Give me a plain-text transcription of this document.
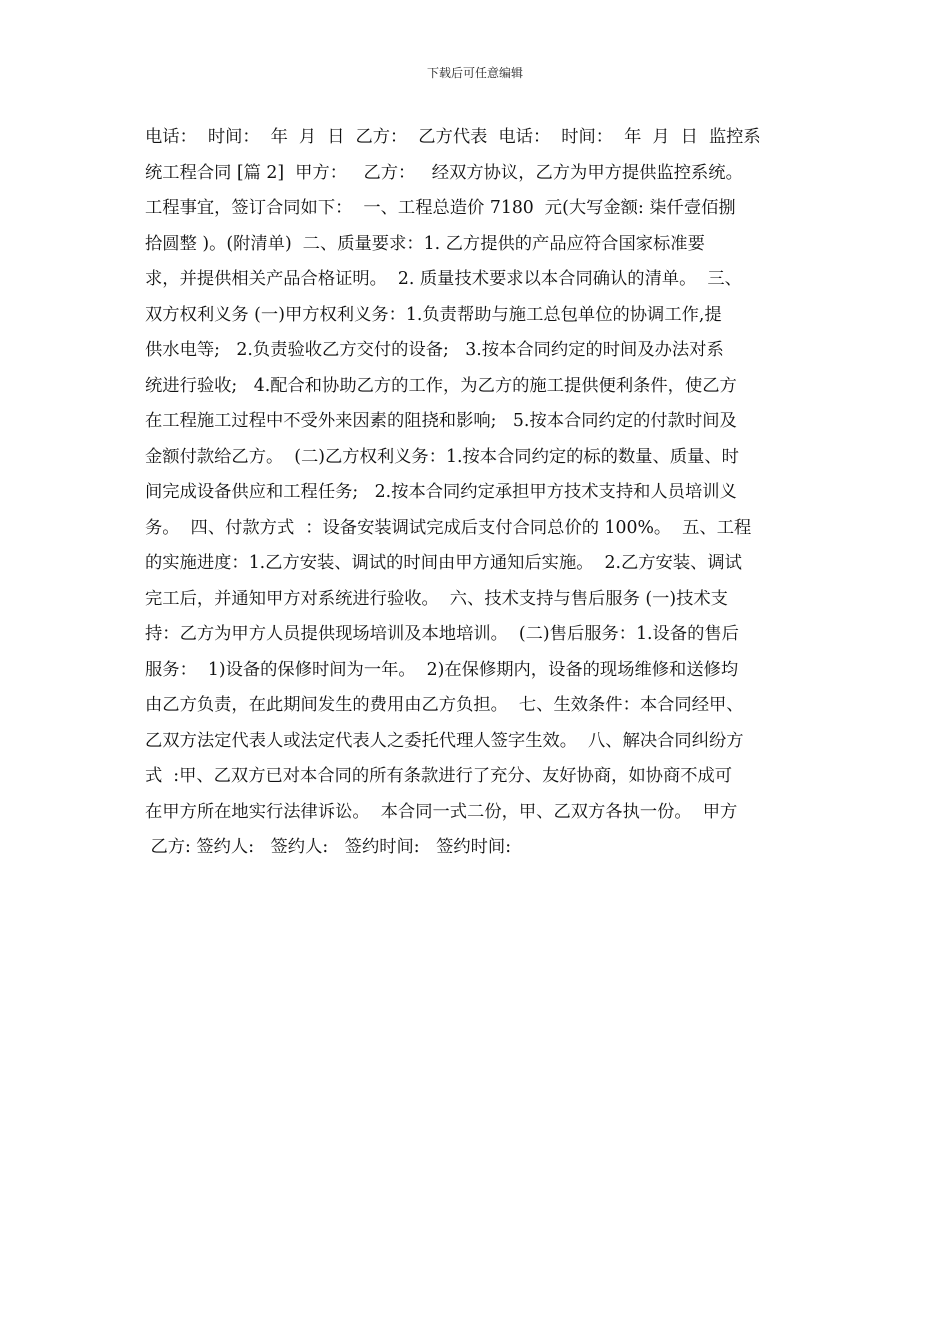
下载后可任意编辑
电话：  时间：  年  月  日  乙方：  乙方代表  电话：  时间：  年  月  日  监控系
统工程合同 [篇 2]  甲方：   乙方：   经双方协议，乙方为甲方提供监控系统。
工程事宜，签订合同如下：  一、工程总造价 7180  元(大写金额: 柒仟壹佰捌
拾圆整 )。(附清单)  二、质量要求：1. 乙方提供的产品应符合国家标准要
求，并提供相关产品合格证明。  2. 质量技术要求以本合同确认的清单。  三、
双方权利义务 (一)甲方权利义务：1.负责帮助与施工总包单位的协调工作,提
供水电等;   2.负责验收乙方交付的设备;   3.按本合同约定的时间及办法对系
统进行验收;   4.配合和协助乙方的工作，为乙方的施工提供便利条件，使乙方
在工程施工过程中不受外来因素的阻挠和影响;   5.按本合同约定的付款时间及
金额付款给乙方。  (二)乙方权利义务：1.按本合同约定的标的数量、质量、时
间完成设备供应和工程任务;   2.按本合同约定承担甲方技术支持和人员培训义
务。  四、付款方式  ：设备安装调试完成后支付合同总价的 100%。  五、工程
的实施进度：1.乙方安装、调试的时间由甲方通知后实施。  2.乙方安装、调试
完工后，并通知甲方对系统进行验收。  六、技术支持与售后服务 (一)技术支
持：乙方为甲方人员提供现场培训及本地培训。  (二)售后服务：1.设备的售后
服务：  1)设备的保修时间为一年。  2)在保修期内，设备的现场维修和送修均
由乙方负责，在此期间发生的费用由乙方负担。  七、生效条件：本合同经甲、
乙双方法定代表人或法定代表人之委托代理人签字生效。  八、解决合同纠纷方
式  :甲、乙双方已对本合同的所有条款进行了充分、友好协商，如协商不成可
在甲方所在地实行法律诉讼。  本合同一式二份，甲、乙双方各执一份。  甲方
乙方: 签约人:   签约人:   签约时间:   签约时间:
